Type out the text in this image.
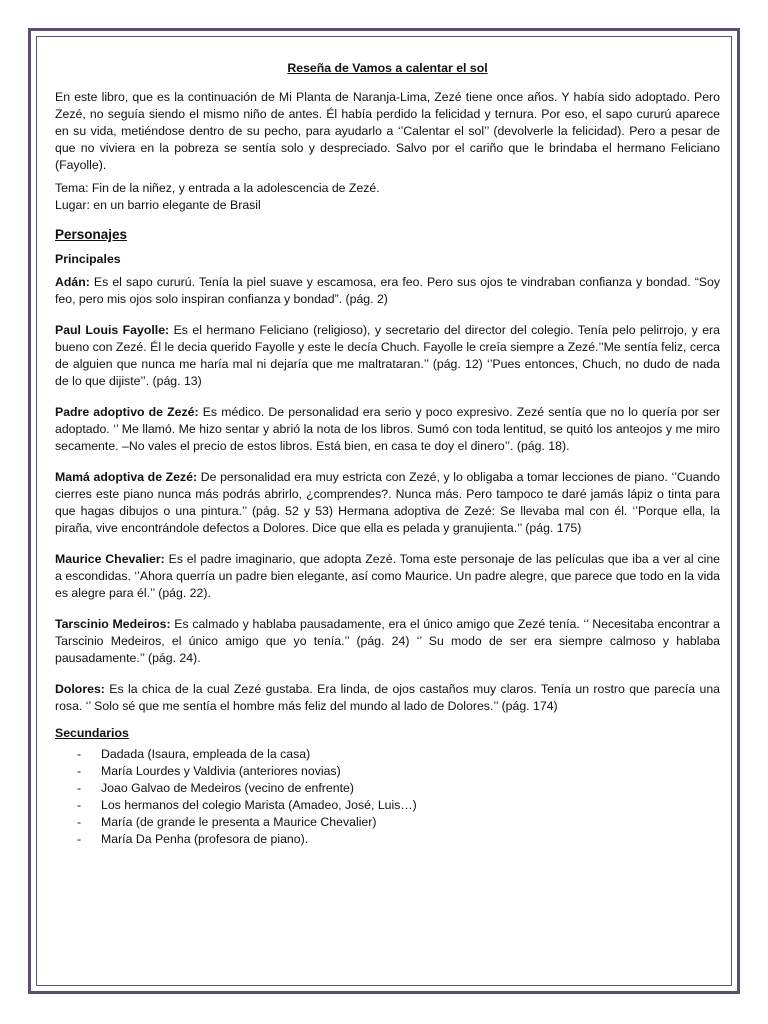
Reseña de Vamos a calentar el sol

En este libro, que es la continuación de Mi Planta de Naranja-Lima, Zezé tiene once años. Y había sido adoptado. Pero Zezé, no seguía siendo el mismo niño de antes. Él había perdido la felicidad y ternura. Por eso, el sapo cururú aparece en su vida, metiéndose dentro de su pecho, para ayudarlo a ‘’Calentar el sol’’ (devolverle la felicidad). Pero a pesar de que no viviera en la pobreza se sentía solo y despreciado. Salvo por el cariño que le brindaba el hermano Feliciano (Fayolle).

Tema: Fin de la niñez, y entrada a la adolescencia de Zezé.

Lugar: en un barrio elegante de Brasil

Personajes
Principales

Adán: Es el sapo cururú. Tenía la piel suave y escamosa, era feo. Pero sus ojos te vindraban confianza y bondad. “Soy feo, pero mis ojos solo inspiran confianza y bondad”. (pág. 2)

Paul Louis Fayolle: Es el hermano Feliciano (religioso), y secretario del director del colegio. Tenía pelo pelirrojo, y era bueno con Zezé. Él le decia querido Fayolle y este le decía Chuch. Fayolle le creía siempre a Zezé.’’Me sentía feliz, cerca de alguien que nunca me haría mal ni dejaría que me maltrataran.’’ (pág. 12) ‘’Pues entonces, Chuch, no dudo de nada de lo que dijiste’’. (pág. 13)

Padre adoptivo de Zezé: Es médico. De personalidad era serio y poco expresivo. Zezé sentía que no lo quería por ser adoptado. ‘’ Me llamó. Me hizo sentar y abrió la nota de los libros. Sumó con toda lentitud, se quitó los anteojos y me miro secamente. –No vales el precio de estos libros. Está bien, en casa te doy el dinero’’. (pág. 18).

Mamá adoptiva de Zezé: De personalidad era muy estricta con Zezé, y lo obligaba a tomar lecciones de piano. ‘’Cuando cierres este piano nunca más podrás abrirlo, ¿comprendes?. Nunca más. Pero tampoco te daré jamás lápiz o tinta para que hagas dibujos o una pintura.’’ (pág. 52 y 53) Hermana adoptiva de Zezé: Se llevaba mal con él. ‘’Porque ella, la piraña, vive encontrándole defectos a Dolores. Dice que ella es pelada y granujienta.’’ (pág. 175)

Maurice Chevalier: Es el padre imaginario, que adopta Zezé. Toma este personaje de las películas que iba a ver al cine a escondidas. ‘’Ahora querría un padre bien elegante, así como Maurice. Un padre alegre, que parece que todo en la vida es alegre para él.’’ (pág. 22).

Tarscinio Medeiros: Es calmado y hablaba pausadamente, era el único amigo que Zezé tenía. ‘’ Necesitaba encontrar a Tarscinio Medeiros, el único amigo que yo tenía.’’ (pág. 24) ‘’ Su modo de ser era siempre calmoso y hablaba pausadamente.’’ (pág. 24).

Dolores: Es la chica de la cual Zezé gustaba. Era linda, de ojos castaños muy claros. Tenía un rostro que parecía una rosa. ‘’ Solo sé que me sentía el hombre más feliz del mundo al lado de Dolores.’’ (pág. 174)

Secundarios
-	Dadada (Isaura, empleada de la casa)
-	María Lourdes y Valdivia (anteriores novias)
-	Joao Galvao de Medeiros (vecino de enfrente)
-	Los hermanos del colegio Marista (Amadeo, José, Luis…)
-	María (de grande le presenta a Maurice Chevalier)
-	María Da Penha (profesora de piano).
